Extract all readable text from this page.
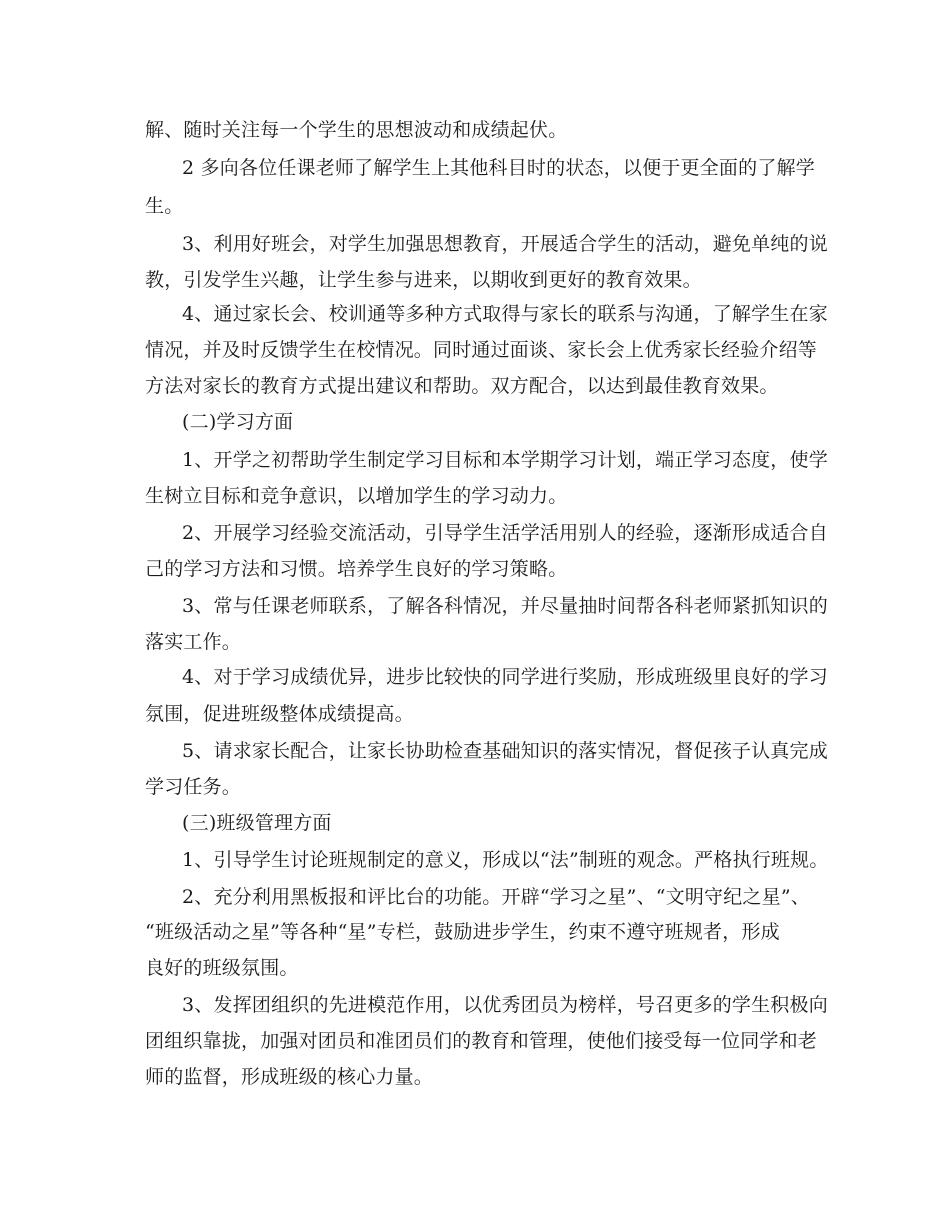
解、随时关注每一个学生的思想波动和成绩起伏。
2 多向各位任课老师了解学生上其他科目时的状态，以便于更全面的了解学
生。
3、利用好班会，对学生加强思想教育，开展适合学生的活动，避免单纯的说
教，引发学生兴趣，让学生参与进来，以期收到更好的教育效果。
4、通过家长会、校训通等多种方式取得与家长的联系与沟通，了解学生在家
情况，并及时反馈学生在校情况。同时通过面谈、家长会上优秀家长经验介绍等
方法对家长的教育方式提出建议和帮助。双方配合，以达到最佳教育效果。
(二)学习方面
1、开学之初帮助学生制定学习目标和本学期学习计划，端正学习态度，使学
生树立目标和竞争意识，以增加学生的学习动力。
2、开展学习经验交流活动，引导学生活学活用别人的经验，逐渐形成适合自
己的学习方法和习惯。培养学生良好的学习策略。
3、常与任课老师联系，了解各科情况，并尽量抽时间帮各科老师紧抓知识的
落实工作。
4、对于学习成绩优异，进步比较快的同学进行奖励，形成班级里良好的学习
氛围，促进班级整体成绩提高。
5、请求家长配合，让家长协助检查基础知识的落实情况，督促孩子认真完成
学习任务。
(三)班级管理方面
1、引导学生讨论班规制定的意义，形成以“法”制班的观念。严格执行班规。
2、充分利用黑板报和评比台的功能。开辟“学习之星”、“文明守纪之星”、
“班级活动之星”等各种“星”专栏，鼓励进步学生，约束不遵守班规者，形成
良好的班级氛围。
3、发挥团组织的先进模范作用，以优秀团员为榜样，号召更多的学生积极向
团组织靠拢，加强对团员和准团员们的教育和管理，使他们接受每一位同学和老
师的监督，形成班级的核心力量。
